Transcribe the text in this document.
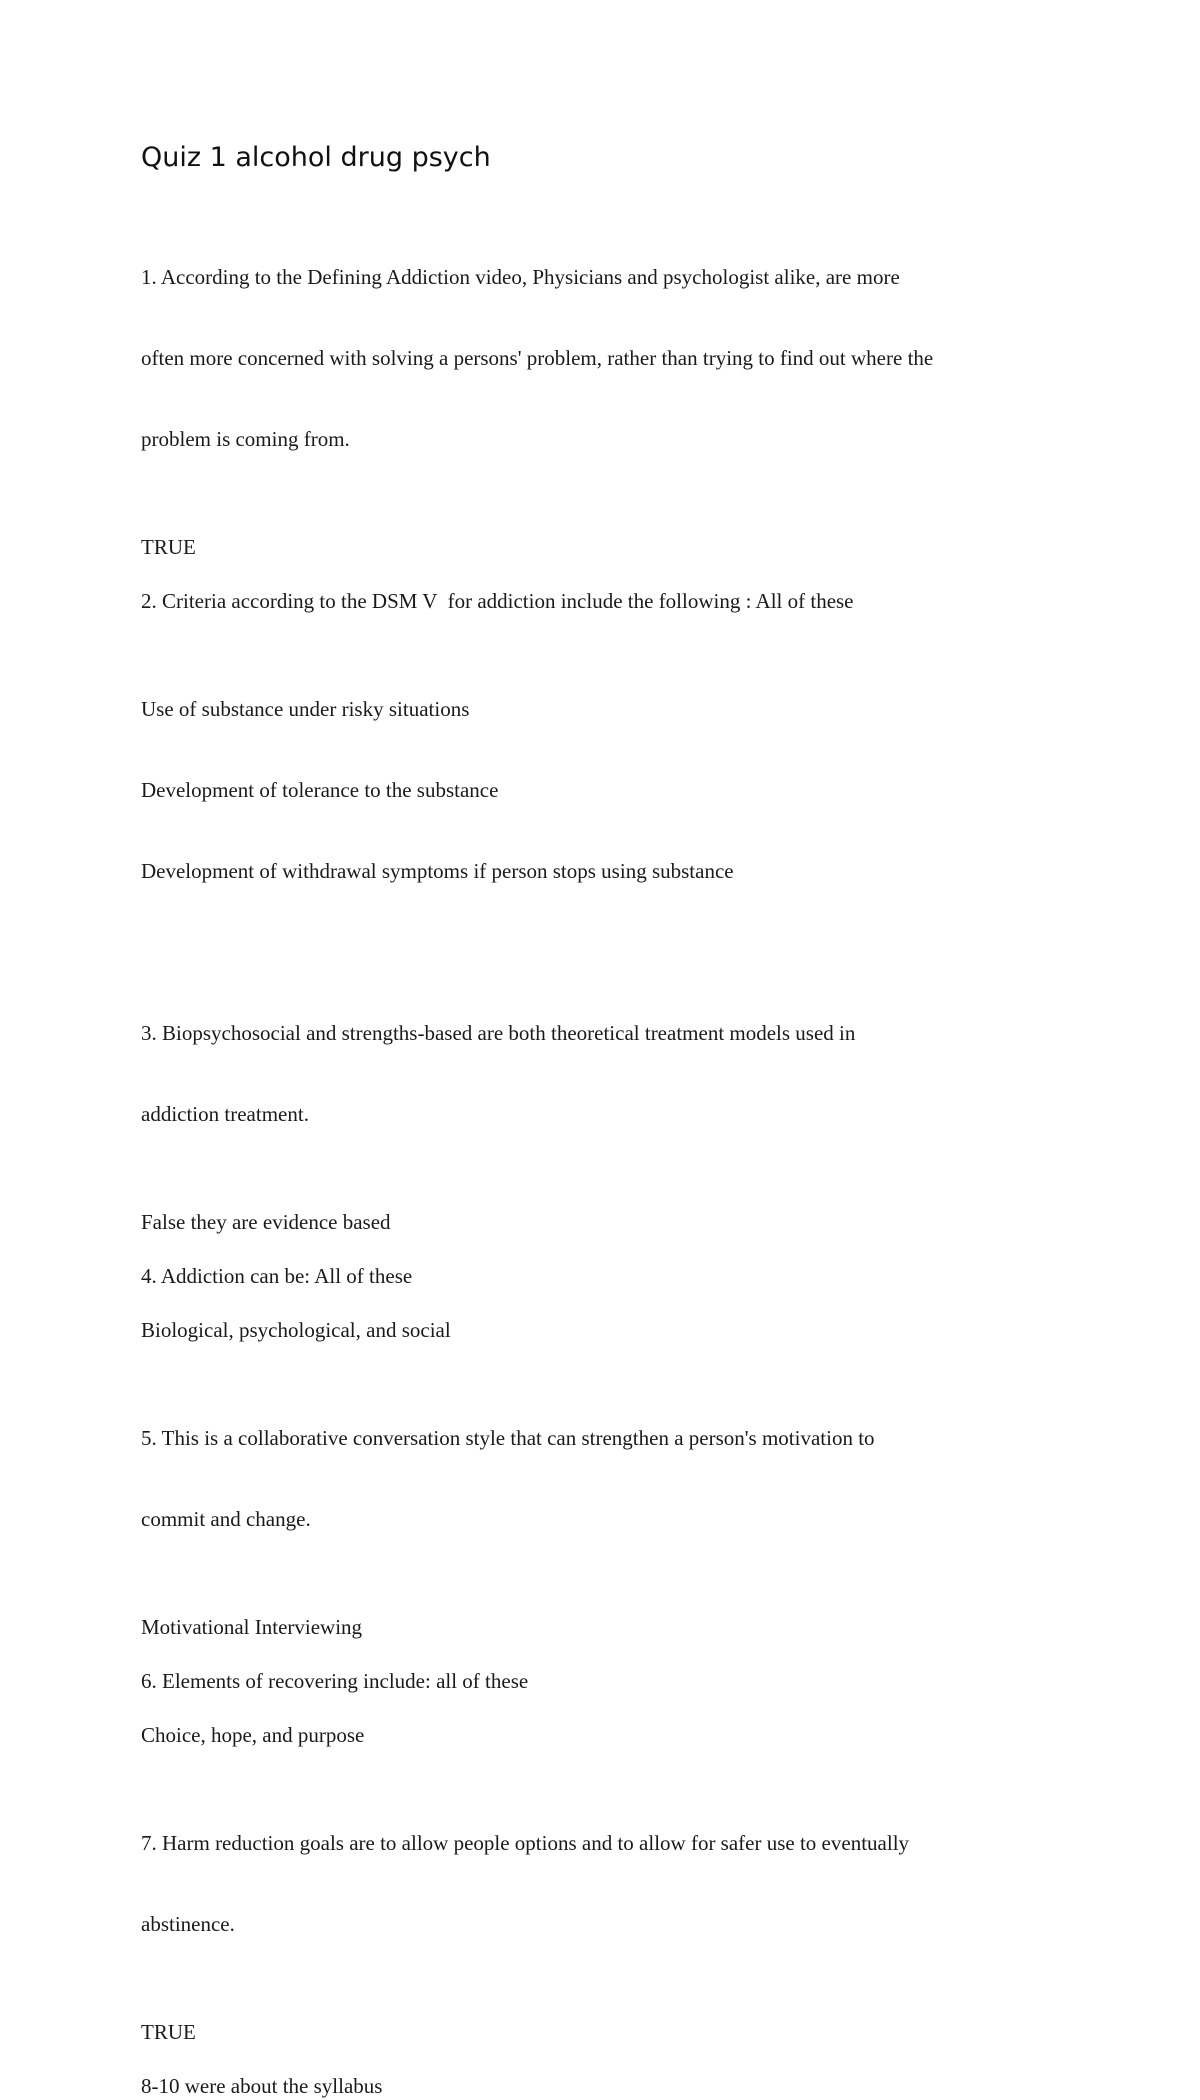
Quiz 1 alcohol drug psych

1. According to the Defining Addiction video, Physicians and psychologist alike, are more

often more concerned with solving a persons' problem, rather than trying to find out where the

problem is coming from.

TRUE

2. Criteria according to the DSM V  for addiction include the following : All of these

Use of substance under risky situations

Development of tolerance to the substance

Development of withdrawal symptoms if person stops using substance

3. Biopsychosocial and strengths-based are both theoretical treatment models used in

addiction treatment.

False they are evidence based

4. Addiction can be: All of these

Biological, psychological, and social

5. This is a collaborative conversation style that can strengthen a person's motivation to

commit and change.

Motivational Interviewing

6. Elements of recovering include: all of these

Choice, hope, and purpose

7. Harm reduction goals are to allow people options and to allow for safer use to eventually

abstinence.

TRUE

8-10 were about the syllabus
